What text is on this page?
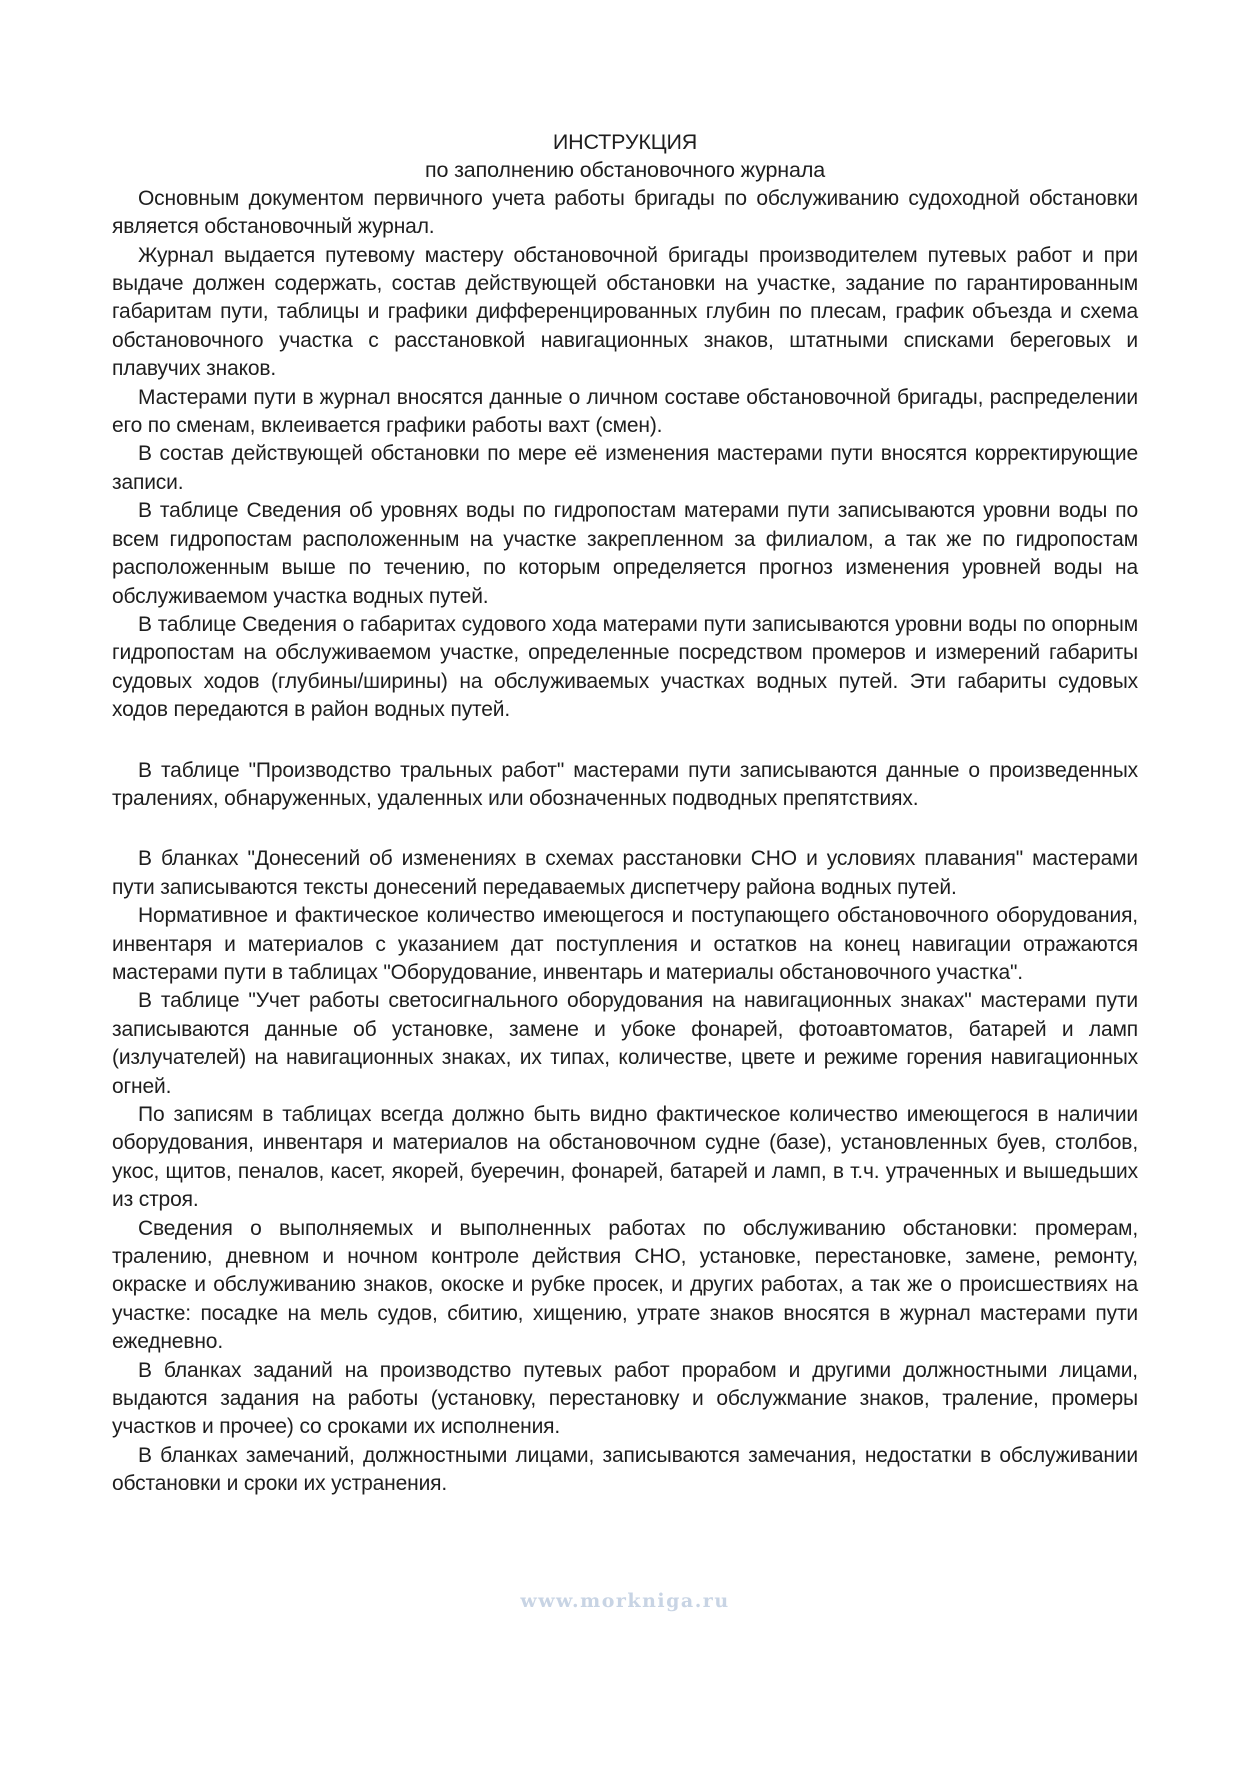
ИНСТРУКЦИЯ
по заполнению обстановочного журнала

Основным документом первичного учета работы бригады по обслуживанию судоходной обстановки является обстановочный журнал.

Журнал выдается путевому мастеру обстановочной бригады производителем путевых работ и при выдаче должен содержать, состав действующей обстановки на участке, задание по гарантированным габаритам пути, таблицы и графики дифференцированных глубин по плесам, график объезда и схема обстановочного участка с расстановкой навигационных знаков, штатными списками береговых и плавучих знаков.

Мастерами пути в журнал вносятся данные о личном составе обстановочной бригады, распределении его по сменам, вклеивается графики работы вахт (смен).

В состав действующей обстановки по мере её изменения мастерами пути вносятся корректирующие записи.

В таблице Сведения об уровнях воды по гидропостам матерами пути записываются уровни воды по всем гидропостам расположенным на участке закрепленном за филиалом, а так же по гидропостам расположенным выше по течению, по которым определяется прогноз изменения уровней воды на обслуживаемом участка водных путей.

В таблице Сведения о габаритах судового хода матерами пути записываются уровни воды по опорным гидропостам на обслуживаемом участке, определенные посредством промеров и измерений габариты судовых ходов (глубины/ширины) на обслуживаемых участках водных путей. Эти габариты судовых ходов передаются в район водных путей.

В таблице "Производство тральных работ" мастерами пути записываются данные о произведенных тралениях, обнаруженных, удаленных или обозначенных подводных препятствиях.

В бланках "Донесений об изменениях в схемах расстановки СНО и условиях плавания" мастерами пути записываются тексты донесений передаваемых диспетчеру района водных путей.

Нормативное и фактическое количество имеющегося и поступающего обстановочного оборудования, инвентаря и материалов с указанием дат поступления и остатков на конец навигации отражаются мастерами пути в таблицах "Оборудование, инвентарь и материалы обстановочного участка".

В таблице "Учет работы светосигнального оборудования на навигационных знаках" мастерами пути записываются данные об установке, замене и убоке фонарей, фотоавтоматов, батарей и ламп (излучателей) на навигационных знаках, их типах, количестве, цвете и режиме горения навигационных огней.

По записям в таблицах всегда должно быть видно фактическое количество имеющегося в наличии оборудования, инвентаря и материалов на обстановочном судне (базе), установленных буев, столбов, укос, щитов, пеналов, касет, якорей, буеречин, фонарей, батарей и ламп, в т.ч. утраченных и вышедьших из строя.

Сведения о выполняемых и выполненных работах по обслуживанию обстановки: промерам, тралению, дневном и ночном контроле действия СНО, установке, перестановке, замене, ремонту, окраске и обслуживанию знаков, окоске и рубке просек, и других работах, а так же о происшествиях на участке: посадке на мель судов, сбитию, хищению, утрате знаков вносятся в журнал мастерами пути ежедневно.

В бланках заданий на производство путевых работ прорабом и другими должностными лицами, выдаются задания на работы (установку, перестановку и обслужмание знаков, траление, промеры участков и прочее) со сроками их исполнения.

В бланках замечаний, должностными лицами, записываются замечания, недостатки в обслуживании обстановки и сроки их устранения.

www.morkniga.ru
